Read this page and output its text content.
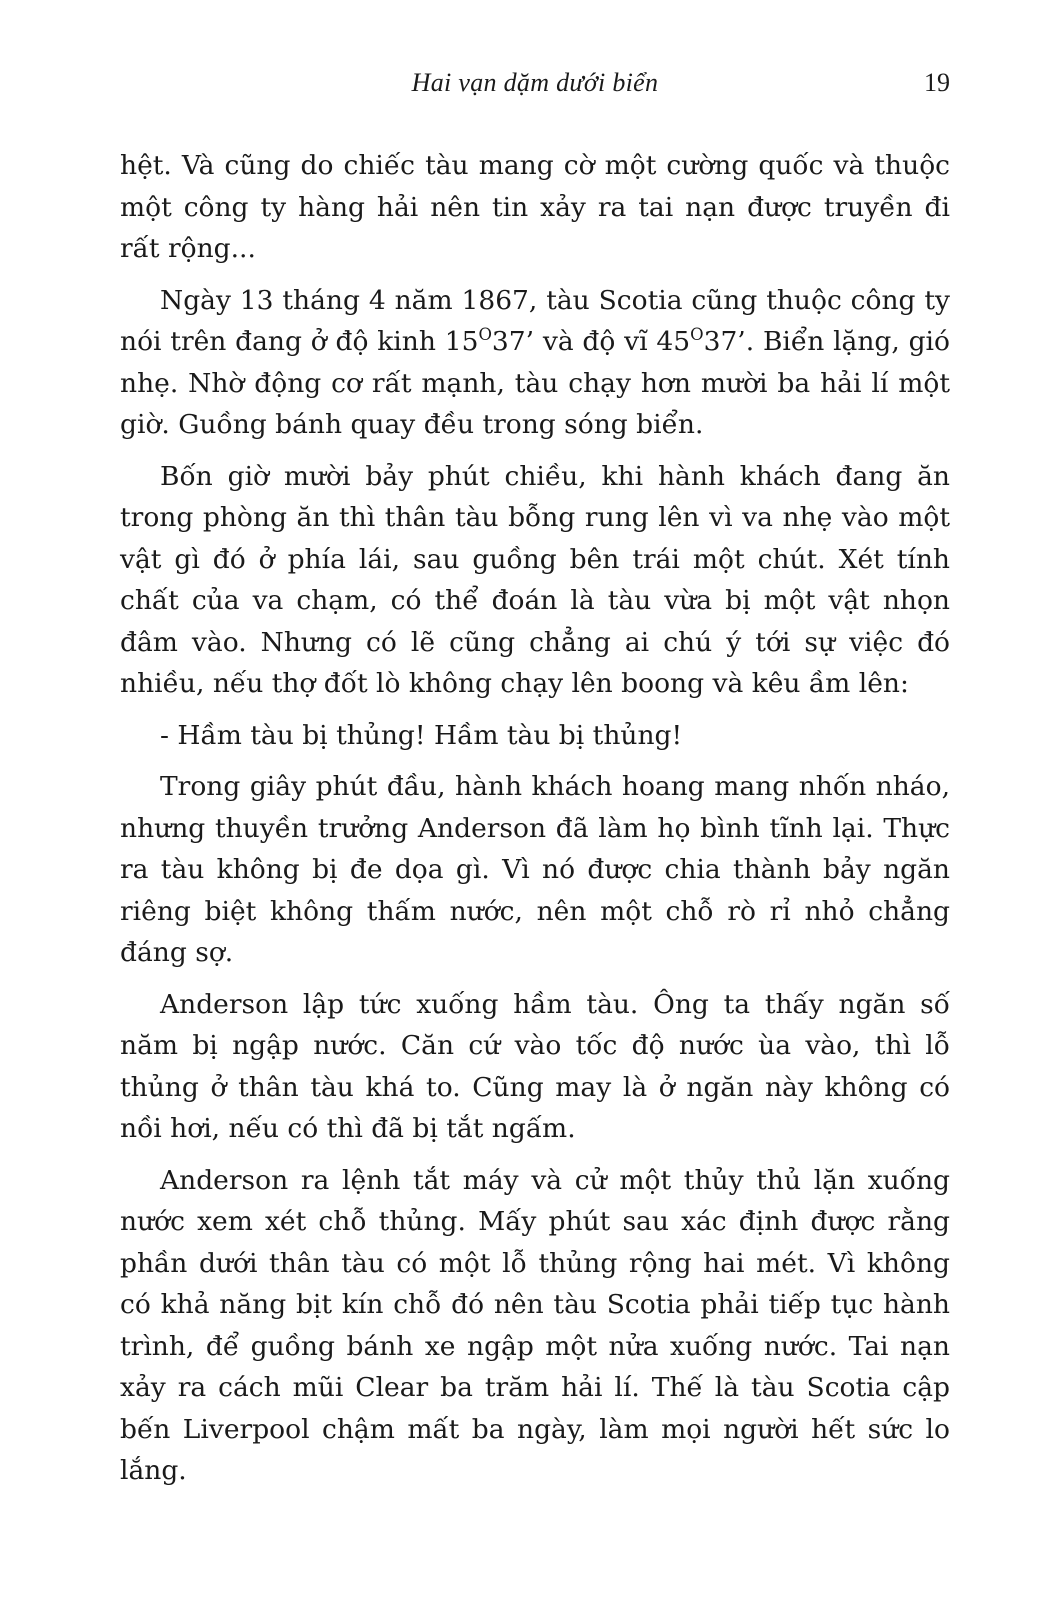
Hai vạn dặm dưới biển	19

hệt. Và cũng do chiếc tàu mang cờ một cường quốc và thuộc một công ty hàng hải nên tin xảy ra tai nạn được truyền đi rất rộng...

Ngày 13 tháng 4 năm 1867, tàu Scotia cũng thuộc công ty nói trên đang ở độ kinh $15^O37$’ và độ vĩ $45^O37$’. Biển lặng, gió nhẹ. Nhờ động cơ rất mạnh, tàu chạy hơn mười ba hải lí một giờ. Guồng bánh quay đều trong sóng biển.

Bốn giờ mười bảy phút chiều, khi hành khách đang ăn trong phòng ăn thì thân tàu bỗng rung lên vì va nhẹ vào một vật gì đó ở phía lái, sau guồng bên trái một chút. Xét tính chất của va chạm, có thể đoán là tàu vừa bị một vật nhọn đâm vào. Nhưng có lẽ cũng chẳng ai chú ý tới sự việc đó nhiều, nếu thợ đốt lò không chạy lên boong và kêu ầm lên:

- Hầm tàu bị thủng! Hầm tàu bị thủng!

Trong giây phút đầu, hành khách hoang mang nhốn nháo, nhưng thuyền trưởng Anderson đã làm họ bình tĩnh lại. Thực ra tàu không bị đe dọa gì. Vì nó được chia thành bảy ngăn riêng biệt không thấm nước, nên một chỗ rò rỉ nhỏ chẳng đáng sợ.

Anderson lập tức xuống hầm tàu. Ông ta thấy ngăn số năm bị ngập nước. Căn cứ vào tốc độ nước ùa vào, thì lỗ thủng ở thân tàu khá to. Cũng may là ở ngăn này không có nồi hơi, nếu có thì đã bị tắt ngấm.

Anderson ra lệnh tắt máy và cử một thủy thủ lặn xuống nước xem xét chỗ thủng. Mấy phút sau xác định được rằng phần dưới thân tàu có một lỗ thủng rộng hai mét. Vì không có khả năng bịt kín chỗ đó nên tàu Scotia phải tiếp tục hành trình, để guồng bánh xe ngập một nửa xuống nước. Tai nạn xảy ra cách mũi Clear ba trăm hải lí. Thế là tàu Scotia cập bến Liverpool chậm mất ba ngày, làm mọi người hết sức lo lắng.
